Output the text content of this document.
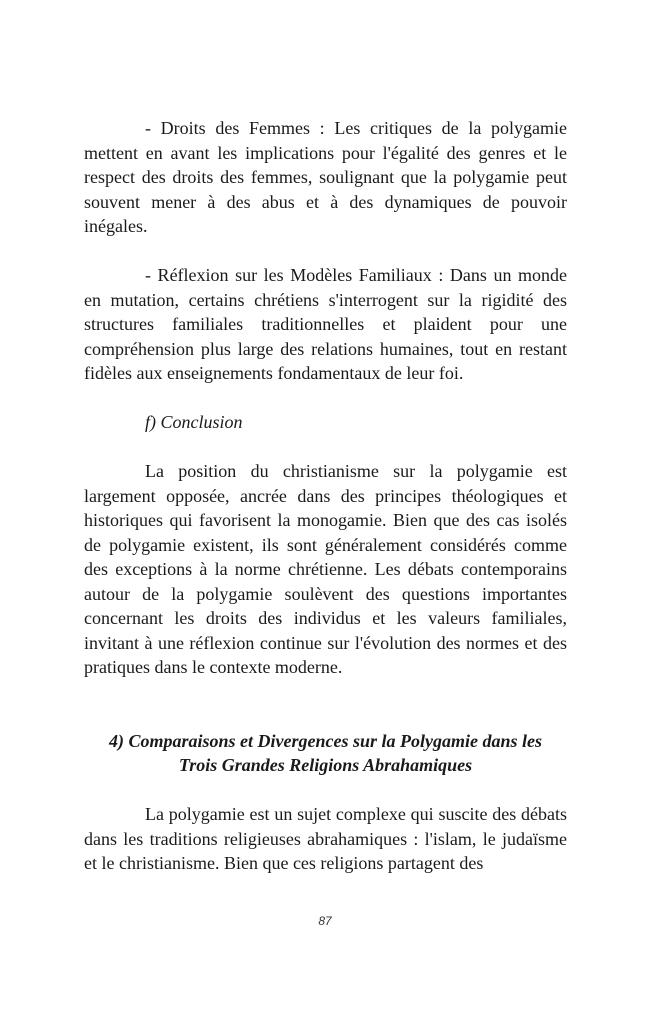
- Droits des Femmes : Les critiques de la polygamie mettent en avant les implications pour l'égalité des genres et le respect des droits des femmes, soulignant que la polygamie peut souvent mener à des abus et à des dynamiques de pouvoir inégales.

- Réflexion sur les Modèles Familiaux : Dans un monde en mutation, certains chrétiens s'interrogent sur la rigidité des structures familiales traditionnelles et plaident pour une compréhension plus large des relations humaines, tout en restant fidèles aux enseignements fondamentaux de leur foi.

f) Conclusion

La position du christianisme sur la polygamie est largement opposée, ancrée dans des principes théologiques et historiques qui favorisent la monogamie. Bien que des cas isolés de polygamie existent, ils sont généralement considérés comme des exceptions à la norme chrétienne. Les débats contemporains autour de la polygamie soulèvent des questions importantes concernant les droits des individus et les valeurs familiales, invitant à une réflexion continue sur l'évolution des normes et des pratiques dans le contexte moderne.

4) Comparaisons et Divergences sur la Polygamie dans les
Trois Grandes Religions Abrahamiques

La polygamie est un sujet complexe qui suscite des débats dans les traditions religieuses abrahamiques : l'islam, le judaïsme et le christianisme. Bien que ces religions partagent des

87
